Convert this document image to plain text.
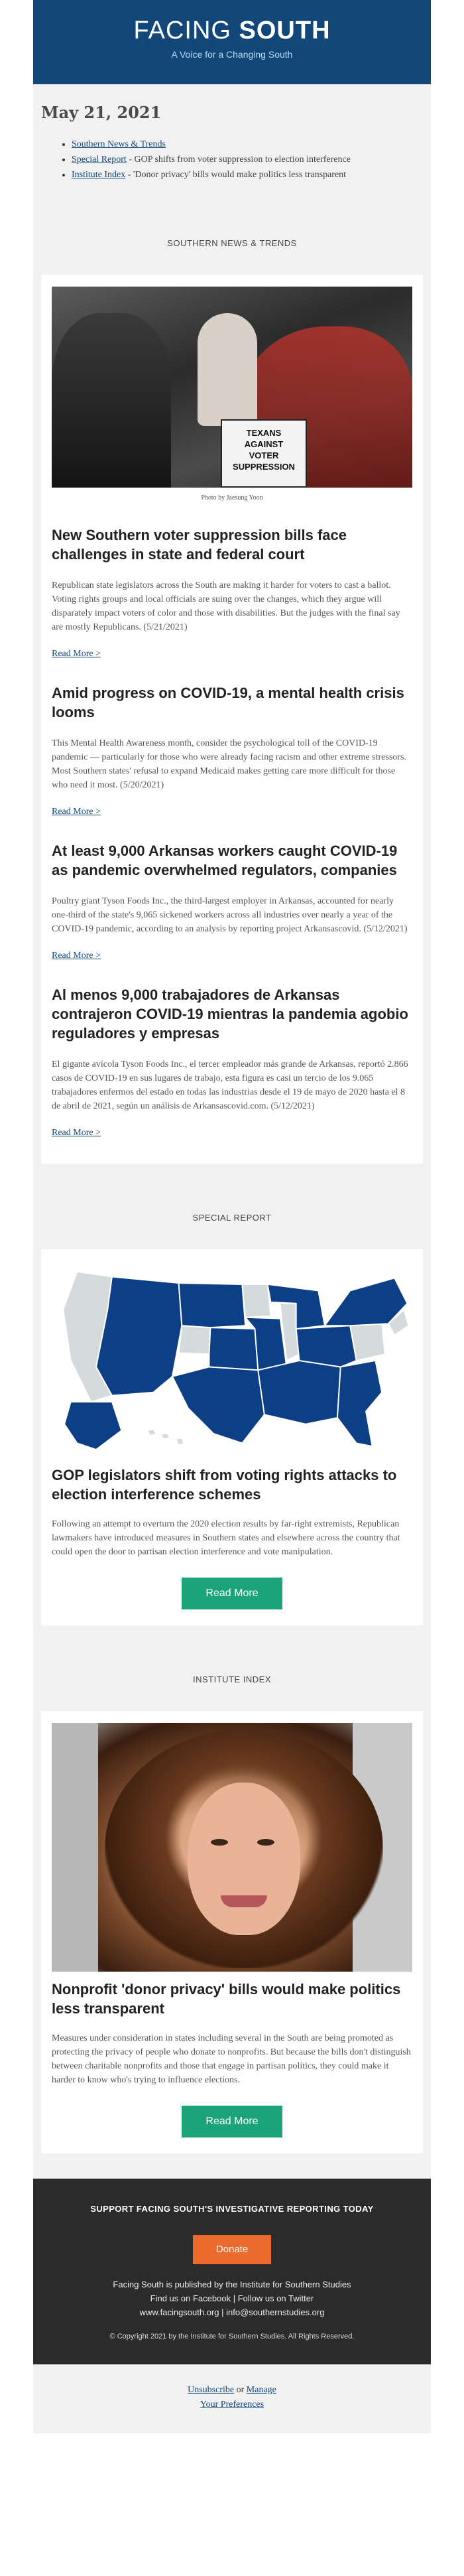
FACING SOUTH
A Voice for a Changing South
May 21, 2021
• Southern News & Trends
• Special Report - GOP shifts from voter suppression to election interference
• Institute Index - 'Donor privacy' bills would make politics less transparent
SOUTHERN NEWS & TRENDS
TEXANS
AGAINST
VOTER
SUPPRESSION
Photo by Jaesung Yoon
New Southern voter suppression bills face challenges in state and federal court

Republican state legislators across the South are making it harder for voters to cast a ballot. Voting rights groups and local officials are suing over the changes, which they argue will disparately impact voters of color and those with disabilities. But the judges with the final say are mostly Republicans. (5/21/2021)

Read More >
Amid progress on COVID-19, a mental health crisis looms

This Mental Health Awareness month, consider the psychological toll of the COVID-19 pandemic — particularly for those who were already facing racism and other extreme stressors. Most Southern states' refusal to expand Medicaid makes getting care more difficult for those who need it most. (5/20/2021)

Read More >
At least 9,000 Arkansas workers caught COVID-19 as pandemic overwhelmed regulators, companies

Poultry giant Tyson Foods Inc., the third-largest employer in Arkansas, accounted for nearly one-third of the state's 9,065 sickened workers across all industries over nearly a year of the COVID-19 pandemic, according to an analysis by reporting project Arkansascovid. (5/12/2021)

Read More >
Al menos 9,000 trabajadores de Arkansas contrajeron COVID-19 mientras la pandemia agobio reguladores y empresas

El gigante avícola Tyson Foods Inc., el tercer empleador más grande de Arkansas, reportó 2.866 casos de COVID-19 en sus lugares de trabajo, esta figura es casi un tercio de los 9.065 trabajadores enfermos del estado en todas las industrias desde el 19 de mayo de 2020 hasta el 8 de abril de 2021, según un análisis de Arkansascovid.com. (5/12/2021)

Read More >
SPECIAL REPORT
GOP legislators shift from voting rights attacks to election interference schemes

Following an attempt to overturn the 2020 election results by far-right extremists, Republican lawmakers have introduced measures in Southern states and elsewhere across the country that could open the door to partisan election interference and vote manipulation.

Read More
INSTITUTE INDEX
Nonprofit 'donor privacy' bills would make politics less transparent

Measures under consideration in states including several in the South are being promoted as protecting the privacy of people who donate to nonprofits. But because the bills don't distinguish between charitable nonprofits and those that engage in partisan politics, they could make it harder to know who's trying to influence elections.

Read More
SUPPORT FACING SOUTH'S INVESTIGATIVE REPORTING TODAY
Donate
Facing South is published by the Institute for Southern Studies
Find us on Facebook | Follow us on Twitter
www.facingsouth.org | info@southernstudies.org
© Copyright 2021 by the Institute for Southern Studies. All Rights Reserved.
Unsubscribe or Manage
Your Preferences
